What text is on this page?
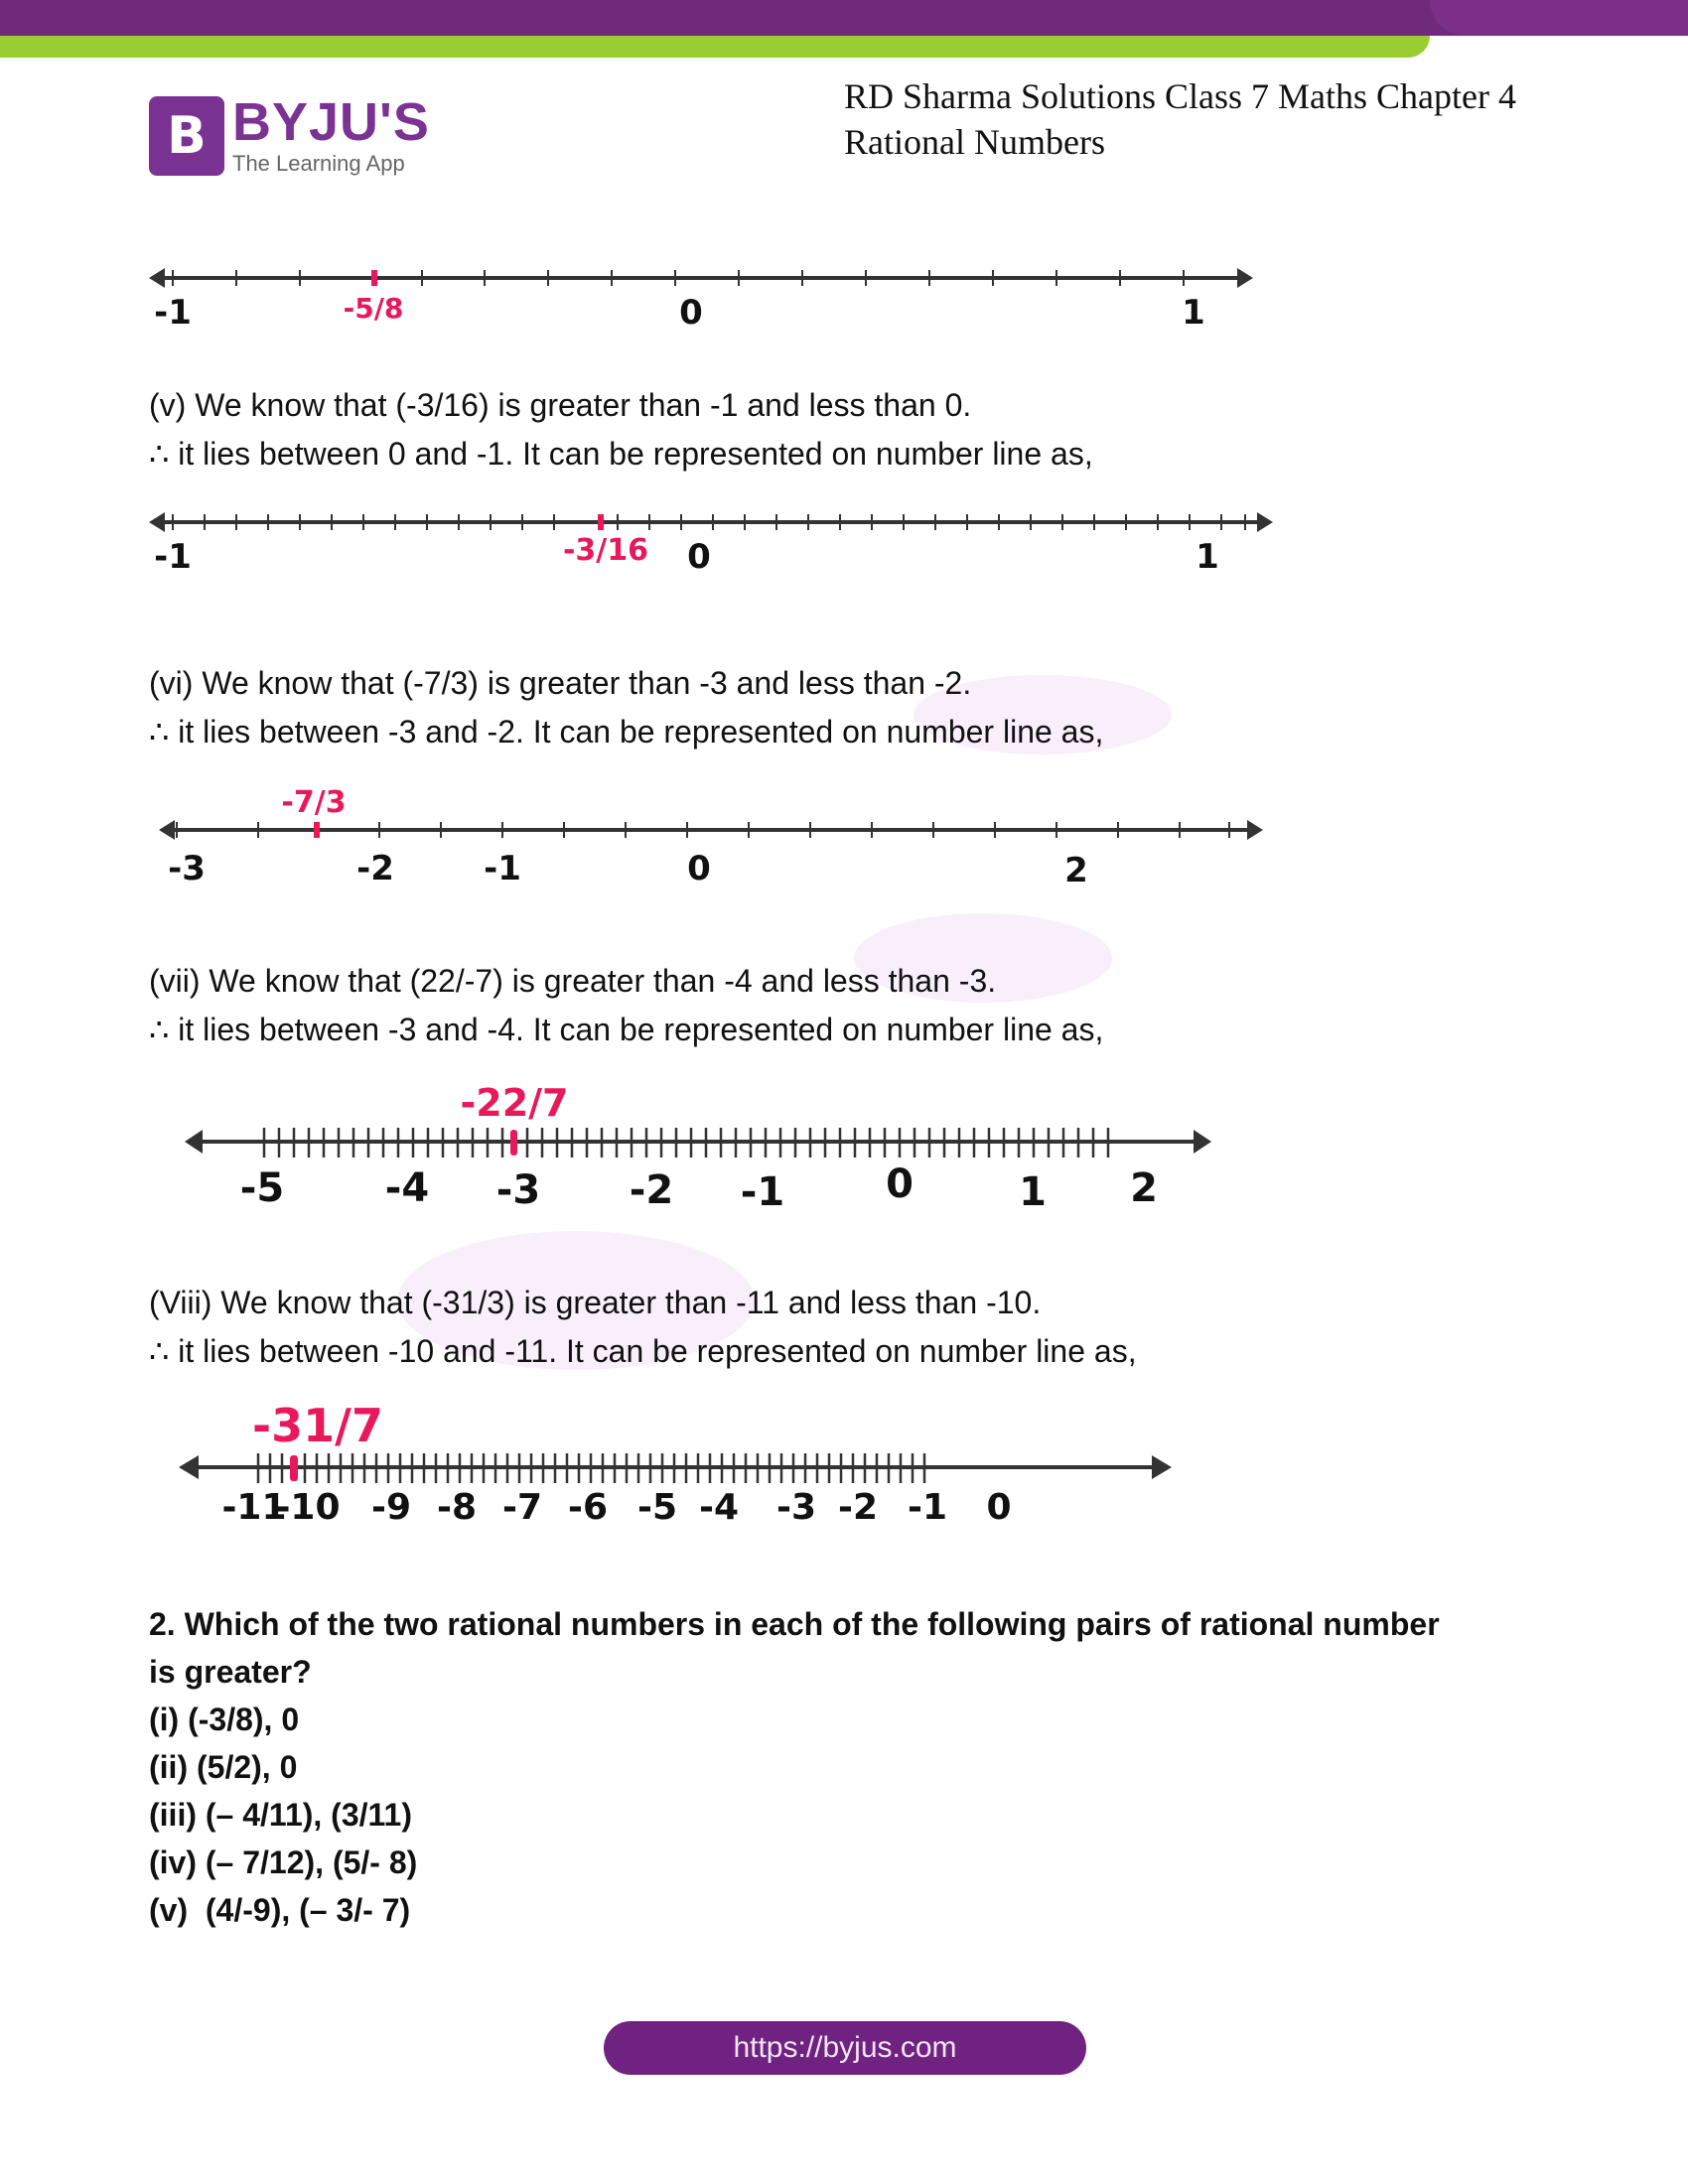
B BYJU'S
The Learning App
RD Sharma Solutions Class 7 Maths Chapter 4
Rational Numbers
-1	-5/8	0	1
(v) We know that (-3/16) is greater than -1 and less than 0.
∴ it lies between 0 and -1. It can be represented on number line as,
-1	-3/16 0	1
(vi) We know that (-7/3) is greater than -3 and less than -2.
∴ it lies between -3 and -2. It can be represented on number line as,
-7/3
-3	-2	-1	0	2
(vii) We know that (22/-7) is greater than -4 and less than -3.
∴ it lies between -3 and -4. It can be represented on number line as,
-22/7
-5	-4 -3 -2 -1	0	1 2
(Viii) We know that (-31/3) is greater than -11 and less than -10.
∴ it lies between -10 and -11. It can be represented on number line as,
-31/7
-11
-10 -9 -8 -7 -6 -5 -4 -3 -2 -1 0
2. Which of the two rational numbers in each of the following pairs of rational number
is greater?
(i) (-3/8), 0
(ii) (5/2), 0
(iii) (– 4/11), (3/11)
(iv) (– 7/12), (5/- 8)
(v)  (4/-9), (– 3/- 7)
https://byjus.com
